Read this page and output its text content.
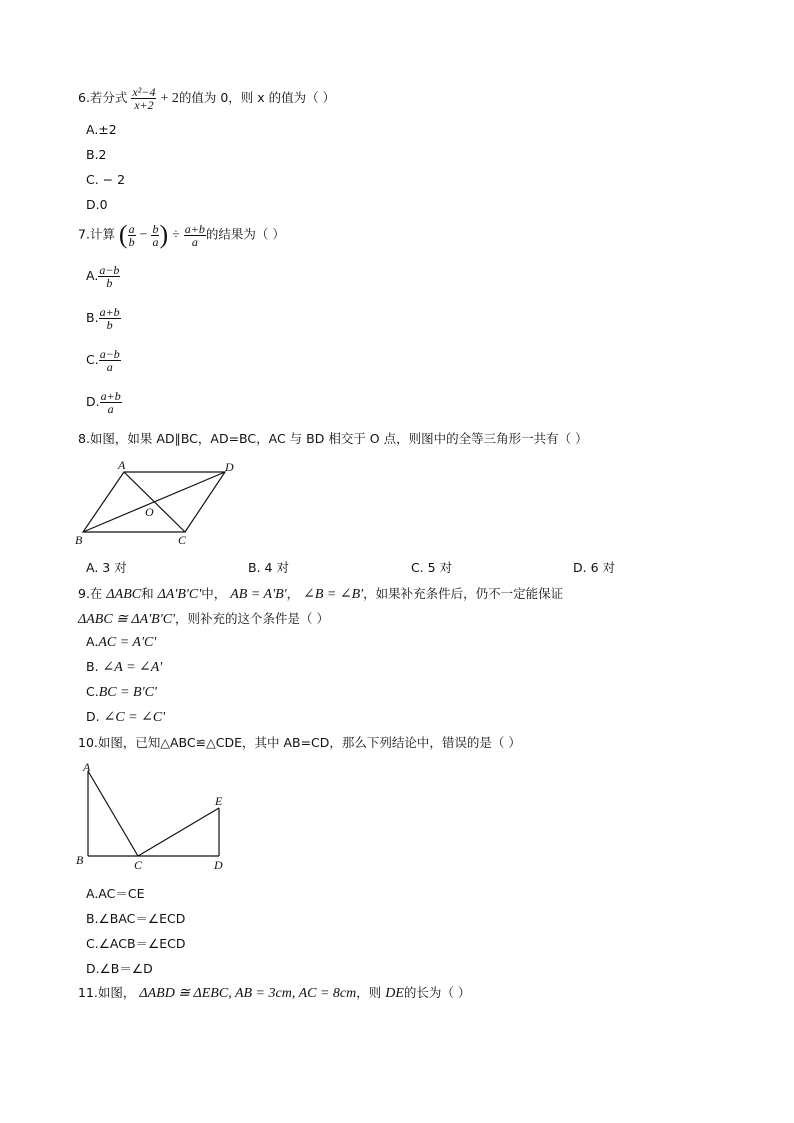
6.若分式 $\frac{\text{x²−4}}{x+2} + 2$的值为 0，则 x 的值为（ ）
A.±2
B.2
C. − 2
D.0
7.计算 ( $\frac{a}{b} - \frac{b}{a}$ ) ÷ $\frac{a+b}{a}$ 的结果为（ ）
A. $\frac{a-b}{b}$
B. $\frac{a+b}{b}$
C. $\frac{a-b}{a}$
D. $\frac{a+b}{a}$
8.如图，如果 AD∥BC，AD=BC，AC 与 BD 相交于 O 点，则图中的全等三角形一共有（ ）
A	D
O
B	C
A. 3 对	B. 4 对	C. 5 对	D. 6 对
9.在 ΔABC和 ΔA'B'C'中， AB = A'B'， ∠B = ∠B'，如果补充条件后，仍不一定能保证
ΔABC ≅ ΔA'B'C'，则补充的这个条件是（ ）
A.AC = A'C'
B. ∠A = ∠A'
C.BC = B'C'
D. ∠C = ∠C'
10.如图，已知△ABC≌△CDE，其中 AB=CD，那么下列结论中，错误的是（ ）
A
B	C	D
E
A.AC＝CE
B.∠BAC＝∠ECD
C.∠ACB＝∠ECD
D.∠B＝∠D
11.如图， ΔABD ≅ ΔEBC, AB = 3cm, AC = 8cm，则 DE的长为（ ）
